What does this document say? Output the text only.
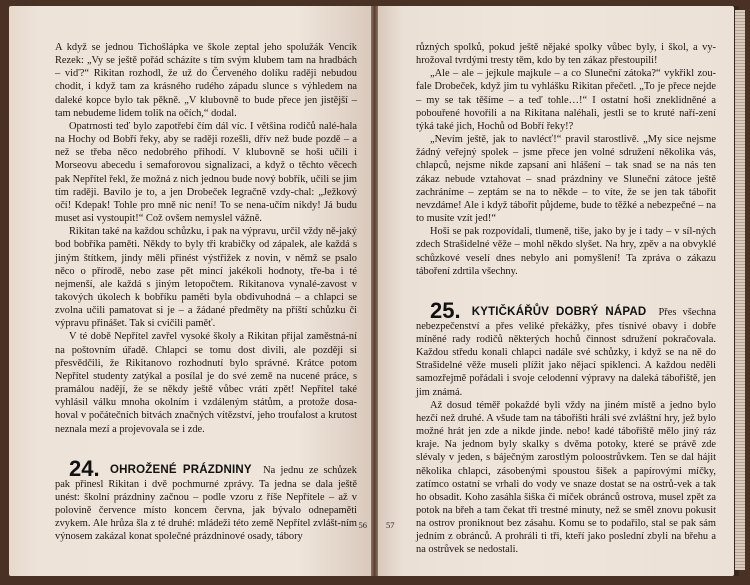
A když se jednou Tichošlápka ve škole zeptal jeho spolužák Vencík Rezek: „Vy se ještě pořád scházíte s tím svým klubem tam na hradbách – viď?“ Rikitan rozhodl, že už do Červeného dolíku raději nebudou chodit, i když tam za krásného rudého západu slunce s výhledem na daleké kopce bylo tak pěkně. „V klubovně to bude přece jen jistější – tam nebudeme lidem tolik na očích,“ dodal.

Opatrnosti teď bylo zapotřebí čím dál víc. I většina rodičů nalé-hala na Hochy od Bobří řeky, aby se raději rozešli, dřív než bude pozdě – a než se třeba něco nedobrého přihodí. V klubovně se hoši učili i Morseovu abecedu i semaforovou signalizaci, a když o těchto věcech pak Nepřítel řekl, že možná z nich jednou bude nový bobřík, učili se jim tím raději. Bavilo je to, a jen Drobeček legračně vzdy-chal: „Ježkový očí! Kdepak! Tohle pro mně nic není! To se nena-učím nikdy! Já budu muset asi vystoupit!“ Což ovšem nemyslel vážně.

Rikitan také na každou schůzku, i pak na výpravu, určil vždy ně-jaký bod bobříka paměti. Někdy to byly tři krabičky od zápalek, ale každá s jiným štítkem, jindy měli přinést výstřižek z novin, v němž se psalo něco o přírodě, nebo zase pět mincí jakékoli hodnoty, tře-ba i té nejmenší, ale každá s jiným letopočtem. Rikitanova vynalé-zavost v takových úkolech k bobříku paměti byla obdivuhodná – a chlapci se zvolna učili pamatovat si je – a žádané předměty na příští schůzku či výpravu přinášet. Tak si cvičili paměť.

V té době Nepřítel zavřel vysoké školy a Rikitan přijal zaměstná-ní na poštovním úřadě. Chlapci se tomu dost divili, ale později si přesvědčili, že Rikitanovo rozhodnutí bylo správné. Krátce potom Nepřítel studenty zatýkal a posílal je do své země na nucené práce, s pramálou nadějí, že se někdy ještě vůbec vrátí zpět! Nepřítel také vyhlásil válku mnoha okolním i vzdáleným státům, a protože dosa-hoval v počátečních bitvách značných vítězství, jeho troufalost a krutost neznala mezí a projevovala se i zde.

24. OHROŽENÉ PRÁZDNINY Na jednu ze schůzek pak přinesl Rikitan i dvě pochmurné zprávy. Ta jedna se dala ještě unést: školní prázdniny začnou – podle vzoru z říše Nepřítele – až v polovině července místo koncem června, jak bývalo odnepaměti zvykem. Ale hrůza šla z té druhé: mládeži této země Nepřítel zvlášt-ním výnosem zakázal konat společné prázdninové osady, tábory

56

různých spolků, pokud ještě nějaké spolky vůbec byly, i škol, a vy-hrožoval tvrdými tresty těm, kdo by ten zákaz přestoupili!

„Ale – ale – jejkule majkule – a co Sluneční zátoka?“ vykřikl zou-fale Drobeček, když jim tu vyhlášku Rikitan přečetl. „To je přece nejde – my se tak těšíme – a teď tohle…!“ I ostatní hoši zneklidněné a pobouřené hovořili a na Rikitana naléhali, jestli se to kruté naří-zení týká také jich, Hochů od Bobří řeky!?

„Nevím ještě, jak to navlécť!“ pravil starostlivě. „My sice nejsme žádný veřejný spolek – jsme přece jen volné sdružení několika vás, chlapců, nejsme nikde zapsaní ani hlášení – tak snad se na nás ten zákaz nebude vztahovat – snad prázdniny ve Sluneční zátoce ještě zachráníme – zeptám se na to někde – to víte, že se jen tak tábořit nevzdáme! Ale i když tábořit půjdeme, bude to těžké a nebezpečné – na to musíte vzít jed!“

Hoši se pak rozpovídali, tlumeně, tiše, jako by je i tady – v síl-ných zdech Strašidelné věže – mohl někdo slyšet. Na hry, zpěv a na obvyklé schůzkové veselí dnes nebylo ani pomyšlení! Ta zpráva o zákazu táboření zdrtila všechny.

25. KYTIČKÁŘŮV DOBRÝ NÁPAD Přes všechna nebezpečenství a přes veliké překážky, přes tísnivé obavy i dobře míněné rady rodičů některých hochů činnost sdružení pokračovala. Každou středu konali chlapci nadále své schůzky, i když se na ně do Strašidelné věže museli plížit jako nějací spiklenci. A každou neděli samozřejmě pořádali i svoje celodenní výpravy na daleká tábořiště, jen jim známá.

Až dosud téměř pokaždé byli vždy na jiném místě a jedno bylo hezčí než druhé. A všude tam na tábořišti hráli své zvláštní hry, jež bylo možné hrát jen zde a nikde jinde. nebo! kadé tábořiště mělo jiný ráz kraje. Na jednom byly skalky s dvěma potoky, které se právě zde slévaly v jeden, s báječným zarostlým poloostrůvkem. Ten se dal hájit několika chlapci, zásobenými spoustou šišek a papírovými míčky, zatímco ostatní se vrhali do vody ve snaze dostat se na ostrů-vek a tak ho obsadit. Koho zasáhla šiška či míček obránců ostrova, musel zpět za potok na břeh a tam čekat tři trestné minuty, než se směl znovu pokusit na ostrov proniknout bez zásahu. Komu se to podařilo, stal se pak sám jedním z obránců. A prohráli ti tři, kteří jako poslední zbyli na břehu a na ostrůvek se nedostali.

57
